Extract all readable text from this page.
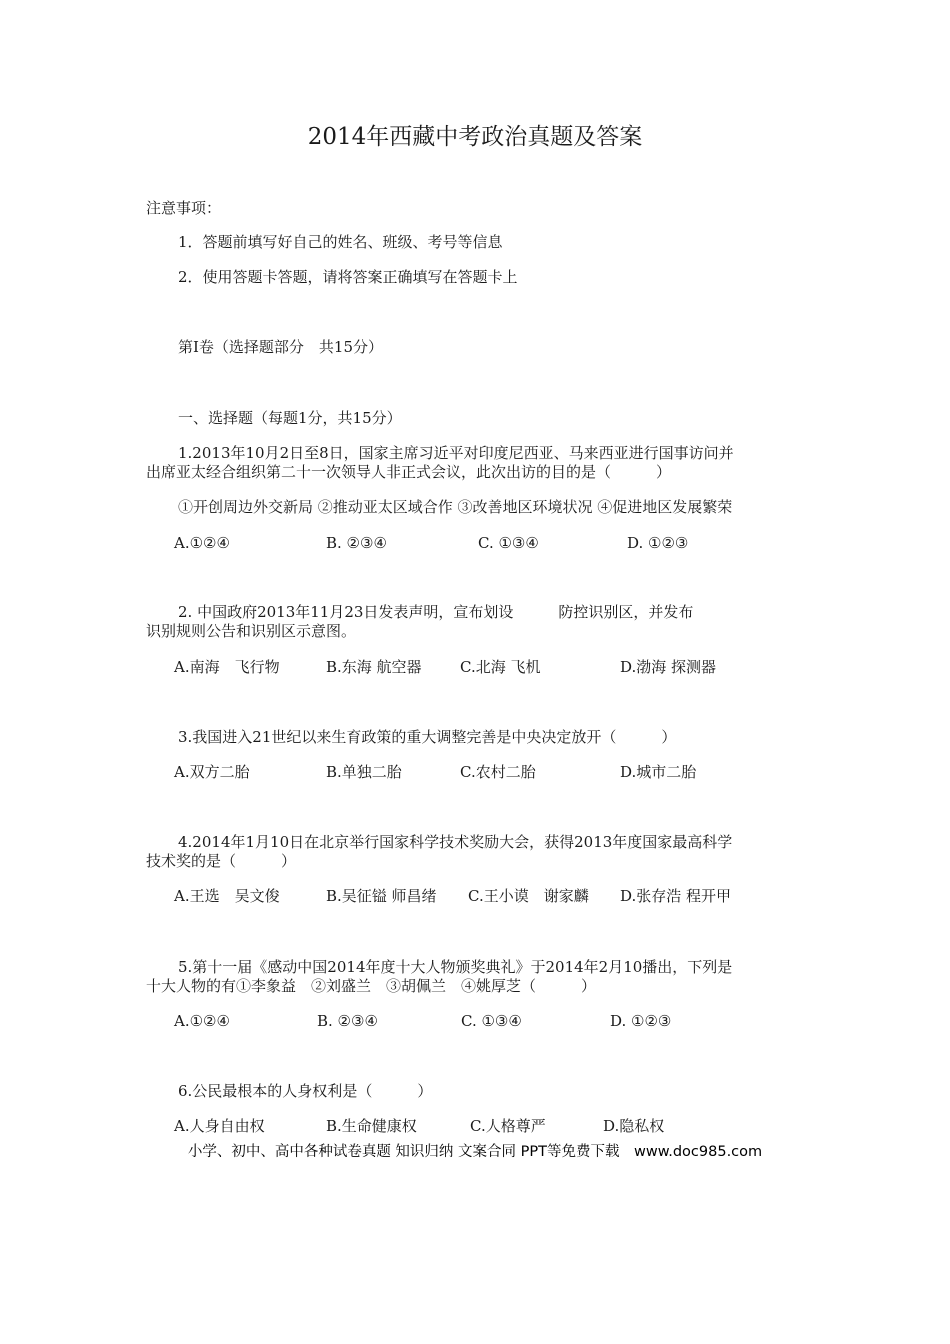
2014年西藏中考政治真题及答案
注意事项：
1．答题前填写好自己的姓名、班级、考号等信息
2．使用答题卡答题，请将答案正确填写在答题卡上
第Ⅰ卷（选择题部分　共15分）
一、选择题（每题1分，共15分）
1.2013年10月2日至8日，国家主席习近平对印度尼西亚、马来西亚进行国事访问并
出席亚太经合组织第二十一次领导人非正式会议，此次出访的目的是（　　　）
①开创周边外交新局 ②推动亚太区域合作 ③改善地区环境状况 ④促进地区发展繁荣
A.①②④	B. ②③④	C. ①③④	D. ①②③
2. 中国政府2013年11月23日发表声明，宣布划设　　　防控识别区，并发布
识别规则公告和识别区示意图。
A.南海　飞行物	B.东海 航空器	C.北海 飞机	D.渤海 探测器
3.我国进入21世纪以来生育政策的重大调整完善是中央决定放开（　　　）
A.双方二胎	B.单独二胎	C.农村二胎	D.城市二胎
4.2014年1月10日在北京举行国家科学技术奖励大会，获得2013年度国家最高科学
技术奖的是（　　　）
A.王选　吴文俊	B.吴征镒 师昌绪 C.王小谟　谢家麟 D.张存浩 程开甲
5.第十一届《感动中国2014年度十大人物颁奖典礼》于2014年2月10播出，下列是
十大人物的有①李象益　②刘盛兰　③胡佩兰　④姚厚芝（　　　）
A.①②④	B. ②③④	C. ①③④	D. ①②③
6.公民最根本的人身权利是（　　　）
A.人身自由权	B.生命健康权	C.人格尊严	D.隐私权
小学、初中、高中各种试卷真题 知识归纳 文案合同 PPT等免费下载　www.doc985.com
